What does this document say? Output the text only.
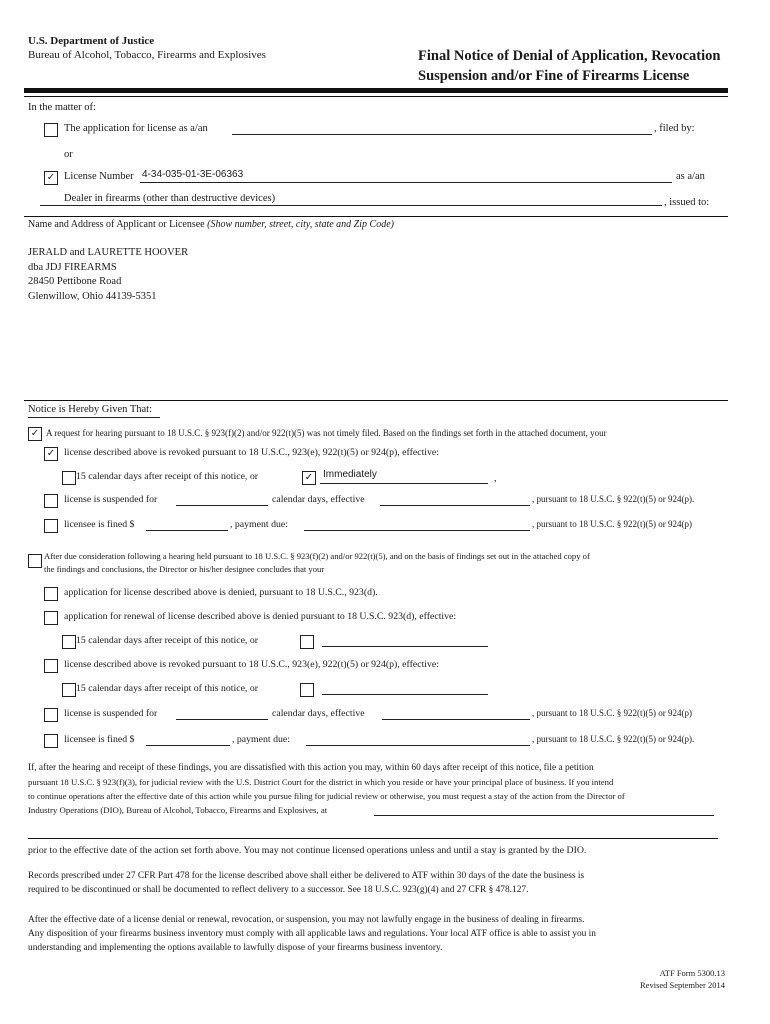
U.S. Department of Justice
Bureau of Alcohol, Tobacco, Firearms and Explosives	Final Notice of Denial of Application, Revocation
Suspension and/or Fine of Firearms License
In the matter of:
The application for license as a/an	, filed by:
or
✓ License Number 4-34-035-01-3E-06363	as a/an
Dealer in firearms (other than destructive devices)	, issued to:
Name and Address of Applicant or Licensee (Show number, street, city, state and Zip Code)
JERALD and LAURETTE HOOVER
dba JDJ FIREARMS
28450 Pettibone Road
Glenwillow, Ohio 44139-5351
Notice is Hereby Given That:
✓ A request for hearing pursuant to 18 U.S.C. § 923(f)(2) and/or 922(t)(5) was not timely filed. Based on the findings set forth in the attached document, your
✓ license described above is revoked pursuant to 18 U.S.C., 923(e), 922(t)(5) or 924(p), effective:
15 calendar days after receipt of this notice, or	✓ Immediately	,
license is suspended for	calendar days, effective	, pursuant to 18 U.S.C. § 922(t)(5) or 924(p).
licensee is fined $	, payment due:	, pursuant to 18 U.S.C. § 922(t)(5) or 924(p)
After due consideration following a hearing held pursuant to 18 U.S.C. § 923(f)(2) and/or 922(t)(5), and on the basis of findings set out in the attached copy of
the findings and conclusions, the Director or his/her designee concludes that your
application for license described above is denied, pursuant to 18 U.S.C., 923(d).
application for renewal of license described above is denied pursuant to 18 U.S.C. 923(d), effective:
15 calendar days after receipt of this notice, or
license described above is revoked pursuant to 18 U.S.C., 923(e), 922(t)(5) or 924(p), effective:
15 calendar days after receipt of this notice, or
license is suspended for	calendar days, effective	, pursuant to 18 U.S.C. § 922(t)(5) or 924(p)
licensee is fined $	, payment due:	, pursuant to 18 U.S.C. § 922(t)(5) or 924(p).
If, after the hearing and receipt of these findings, you are dissatisfied with this action you may, within 60 days after receipt of this notice, file a petition
pursuant 18 U.S.C. § 923(f)(3), for judicial review with the U.S. District Court for the district in which you reside or have your principal place of business. If you intend
to continue operations after the effective date of this action while you pursue filing for judicial review or otherwise, you must request a stay of the action from the Director of
Industry Operations (DIO), Bureau of Alcohol, Tobacco, Firearms and Explosives, at
prior to the effective date of the action set forth above. You may not continue licensed operations unless and until a stay is granted by the DIO.
Records prescribed under 27 CFR Part 478 for the license described above shall either be delivered to ATF within 30 days of the date the business is
required to be discontinued or shall be documented to reflect delivery to a successor. See 18 U.S.C. 923(g)(4) and 27 CFR § 478.127.
After the effective date of a license denial or renewal, revocation, or suspension, you may not lawfully engage in the business of dealing in firearms.
Any disposition of your firearms business inventory must comply with all applicable laws and regulations. Your local ATF office is able to assist you in
understanding and implementing the options available to lawfully dispose of your firearms business inventory.
ATF Form 5300.13
Revised September 2014
